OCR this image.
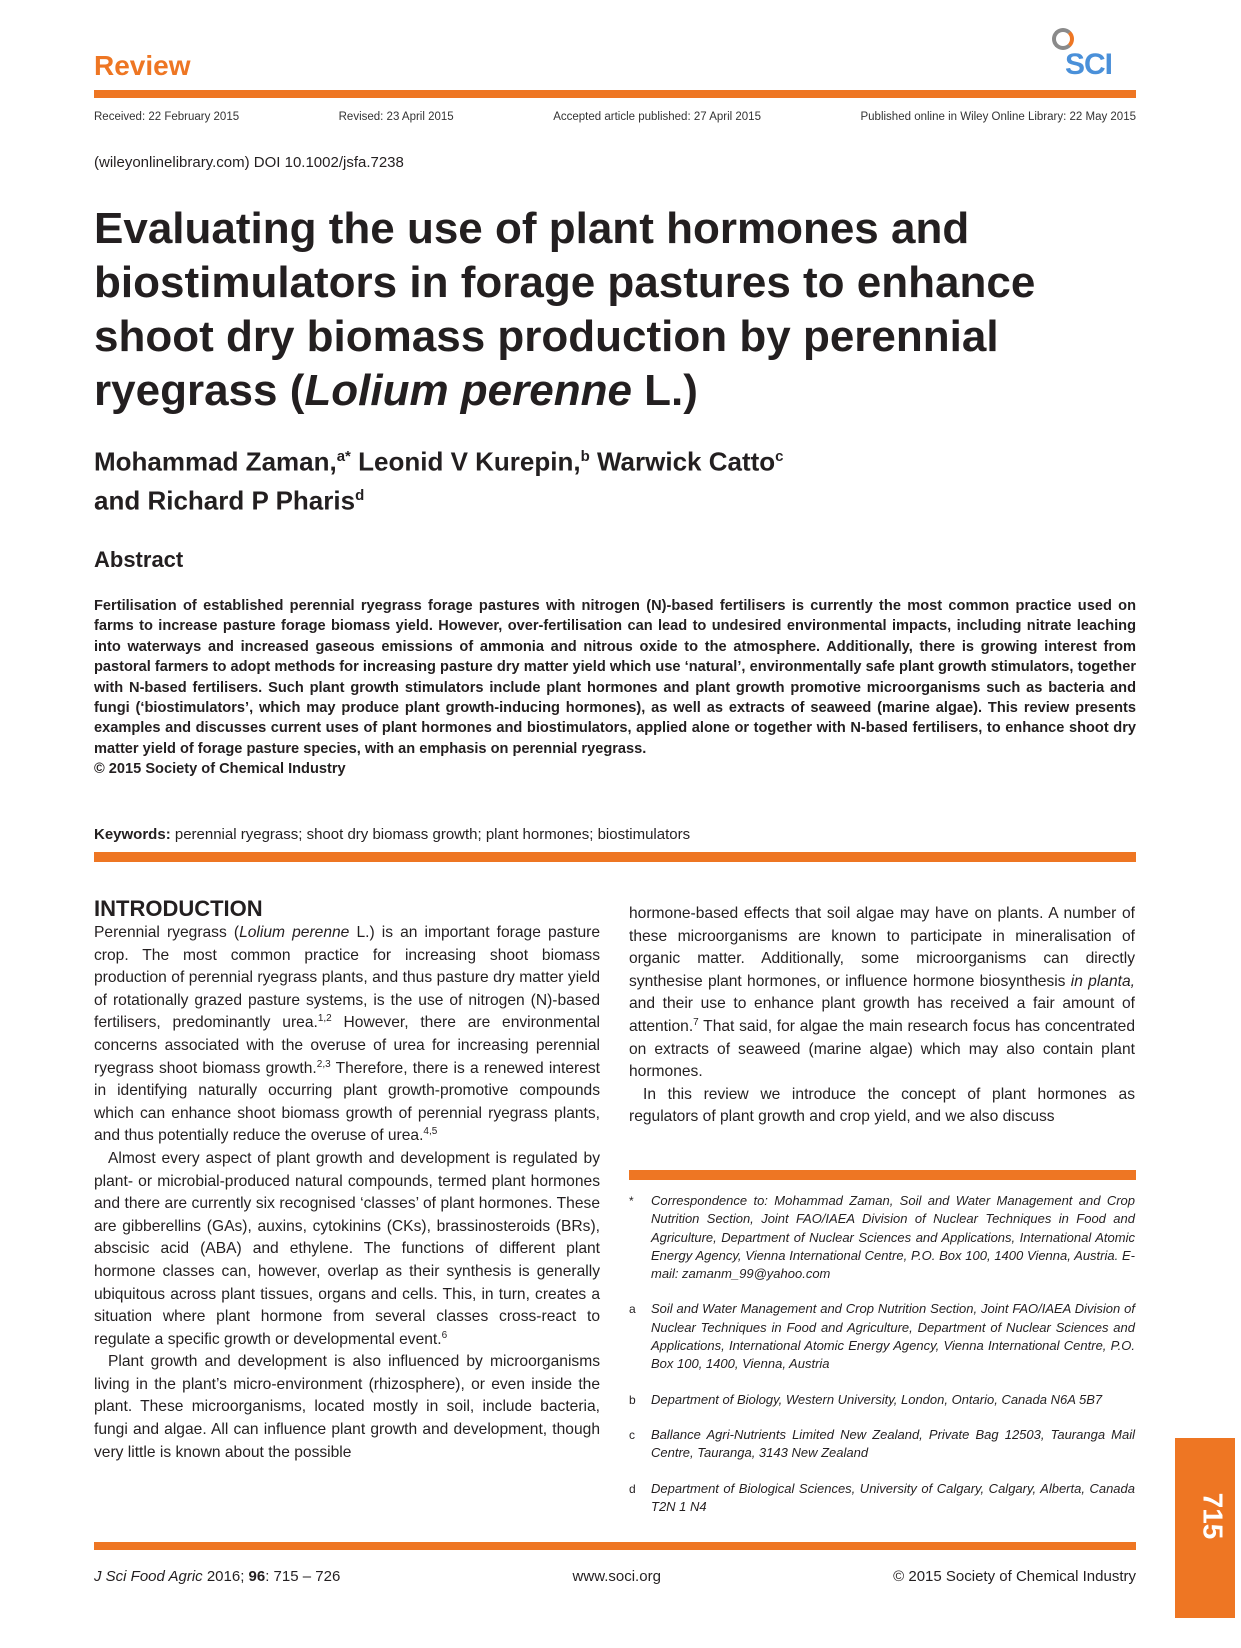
Review	SCI
Received: 22 February 2015	Revised: 23 April 2015	Accepted article published: 27 April 2015	Published online in Wiley Online Library: 22 May 2015
(wileyonlinelibrary.com) DOI 10.1002/jsfa.7238
Evaluating the use of plant hormones and biostimulators in forage pastures to enhance shoot dry biomass production by perennial ryegrass (Lolium perenne L.)
Mohammad Zaman,$^{a*}$ Leonid V Kurepin,$^b$ Warwick Catto$^c$
and Richard P Pharis$^d$
Abstract

Fertilisation of established perennial ryegrass forage pastures with nitrogen (N)-based fertilisers is currently the most common practice used on farms to increase pasture forage biomass yield. However, over-fertilisation can lead to undesired environmental impacts, including nitrate leaching into waterways and increased gaseous emissions of ammonia and nitrous oxide to the atmosphere. Additionally, there is growing interest from pastoral farmers to adopt methods for increasing pasture dry matter yield which use ‘natural’, environmentally safe plant growth stimulators, together with N-based fertilisers. Such plant growth stimulators include plant hormones and plant growth promotive microorganisms such as bacteria and fungi (‘biostimulators’, which may produce plant growth-inducing hormones), as well as extracts of seaweed (marine algae). This review presents examples and discusses current uses of plant hormones and biostimulators, applied alone or together with N-based fertilisers, to enhance shoot dry matter yield of forage pasture species, with an emphasis on perennial ryegrass.
© 2015 Society of Chemical Industry

Keywords: perennial ryegrass; shoot dry biomass growth; plant hormones; biostimulators
INTRODUCTION

Perennial ryegrass (Lolium perenne L.) is an important forage pasture crop. The most common practice for increasing shoot biomass production of perennial ryegrass plants, and thus pasture dry matter yield of rotationally grazed pasture systems, is the use of nitrogen (N)-based fertilisers, predominantly urea.$^{1,2}$ However, there are environmental concerns associated with the overuse of urea for increasing perennial ryegrass shoot biomass growth.$^{2,3}$ Therefore, there is a renewed interest in identifying naturally occurring plant growth-promotive compounds which can enhance shoot biomass growth of perennial ryegrass plants, and thus potentially reduce the overuse of urea.$^{4,5}$

Almost every aspect of plant growth and development is regulated by plant- or microbial-produced natural compounds, termed plant hormones and there are currently six recognised ‘classes’ of plant hormones. These are gibberellins (GAs), auxins, cytokinins (CKs), brassinosteroids (BRs), abscisic acid (ABA) and ethylene. The functions of different plant hormone classes can, however, overlap as their synthesis is generally ubiquitous across plant tissues, organs and cells. This, in turn, creates a situation where plant hormone from several classes cross-react to regulate a specific growth or developmental event.$^6$

Plant growth and development is also influenced by microorganisms living in the plant’s micro-environment (rhizosphere), or even inside the plant. These microorganisms, located mostly in soil, include bacteria, fungi and algae. All can influence plant growth and development, though very little is known about the possible

hormone-based effects that soil algae may have on plants. A number of these microorganisms are known to participate in mineralisation of organic matter. Additionally, some microorganisms can directly synthesise plant hormones, or influence hormone biosynthesis in planta, and their use to enhance plant growth has received a fair amount of attention.$^7$ That said, for algae the main research focus has concentrated on extracts of seaweed (marine algae) which may also contain plant hormones.

In this review we introduce the concept of plant hormones as regulators of plant growth and crop yield, and we also discuss

*	Correspondence to: Mohammad Zaman, Soil and Water Management and Crop Nutrition Section, Joint FAO/IAEA Division of Nuclear Techniques in Food and Agriculture, Department of Nuclear Sciences and Applications, International Atomic Energy Agency, Vienna International Centre, P.O. Box 100, 1400 Vienna, Austria. E-mail: zamanm_99@yahoo.com
a	Soil and Water Management and Crop Nutrition Section, Joint FAO/IAEA Division of Nuclear Techniques in Food and Agriculture, Department of Nuclear Sciences and Applications, International Atomic Energy Agency, Vienna International Centre, P.O. Box 100, 1400, Vienna, Austria
b	Department of Biology, Western University, London, Ontario, Canada N6A 5B7
c	Ballance Agri-Nutrients Limited New Zealand, Private Bag 12503, Tauranga Mail Centre, Tauranga, 3143 New Zealand
d	Department of Biological Sciences, University of Calgary, Calgary, Alberta, Canada T2N 1 N4	715
J Sci Food Agric 2016; 96: 715 – 726	www.soci.org	© 2015 Society of Chemical Industry
